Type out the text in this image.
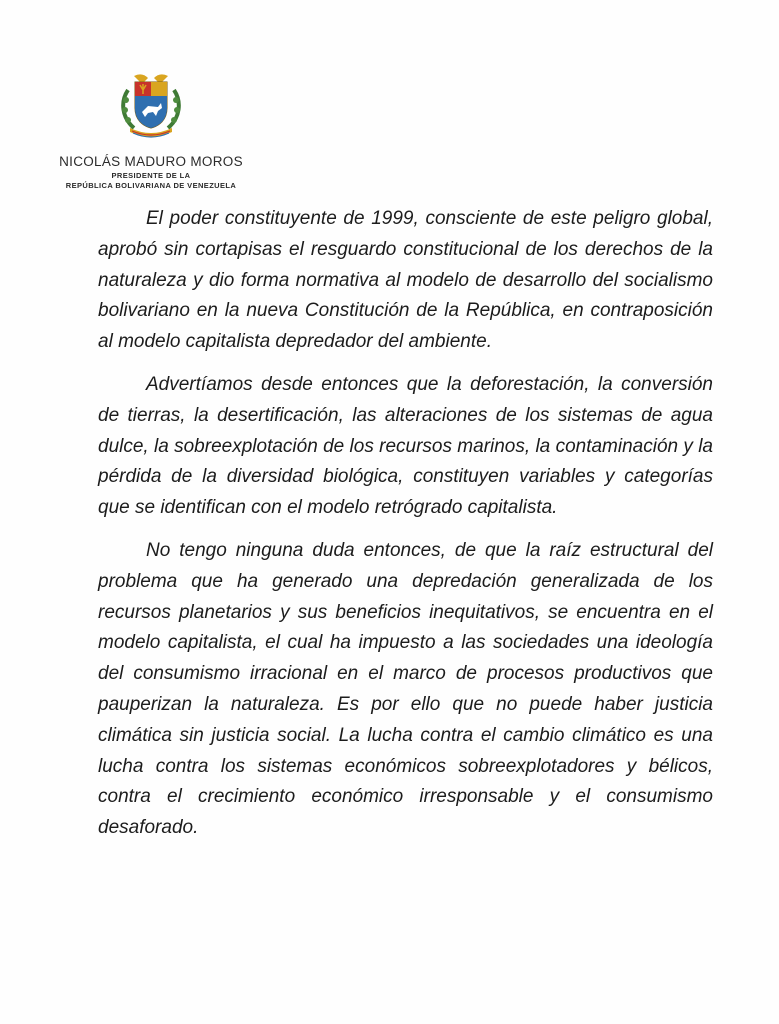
NICOLÁS MADURO MOROS
PRESIDENTE DE LA
REPÚBLICA BOLIVARIANA DE VENEZUELA

El poder constituyente de 1999, consciente de este peligro global, aprobó sin cortapisas el resguardo constitucional de los derechos de la naturaleza y dio forma normativa al modelo de desarrollo del socialismo bolivariano en la nueva Constitución de la República, en contraposición al modelo capitalista depredador del ambiente.

Advertíamos desde entonces que la deforestación, la conversión de tierras, la desertificación, las alteraciones de los sistemas de agua dulce, la sobreexplotación de los recursos marinos, la contaminación y la pérdida de la diversidad biológica, constituyen variables y categorías que se identifican con el modelo retrógrado capitalista.

No tengo ninguna duda entonces, de que la raíz estructural del problema que ha generado una depredación generalizada de los recursos planetarios y sus beneficios inequitativos, se encuentra en el modelo capitalista, el cual ha impuesto a las sociedades una ideología del consumismo irracional en el marco de procesos productivos que pauperizan la naturaleza. Es por ello que no puede haber justicia climática sin justicia social. La lucha contra el cambio climático es una lucha contra los sistemas económicos sobreexplotadores y bélicos, contra el crecimiento económico irresponsable y el consumismo desaforado.
